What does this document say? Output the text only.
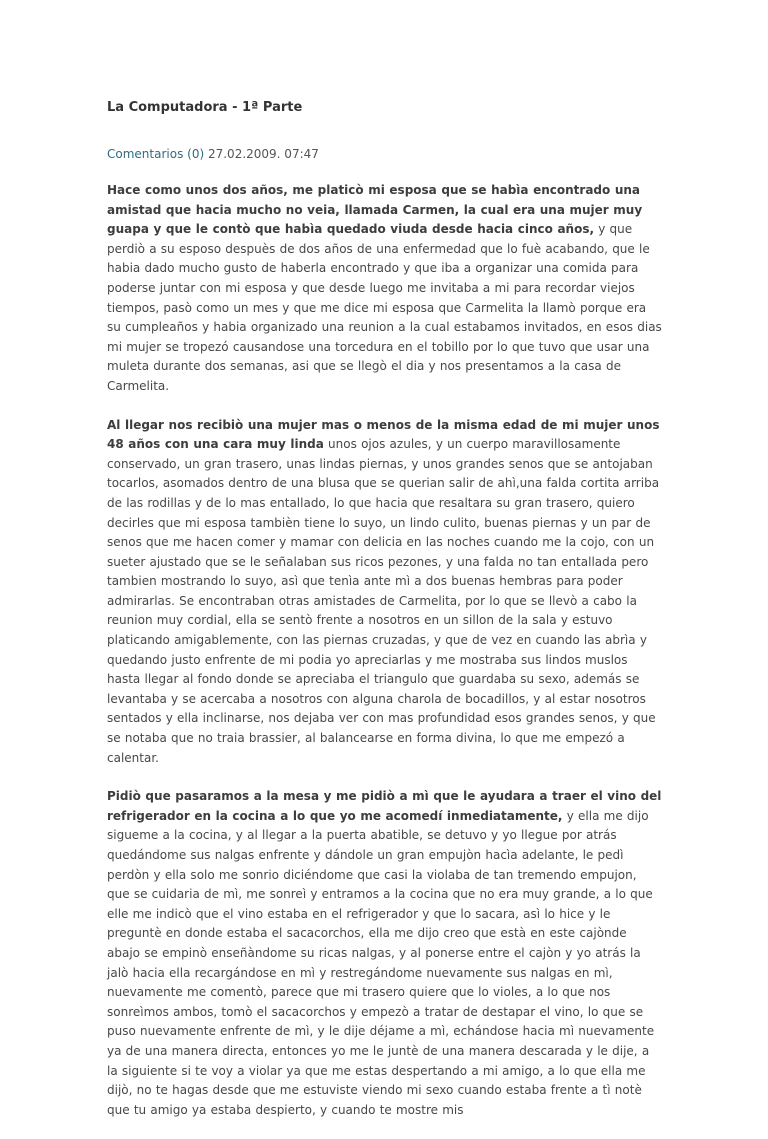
La Computadora - 1ª Parte
Comentarios (0) 27.02.2009. 07:47

Hace como unos dos años, me platicò mi esposa que se habìa encontrado una amistad que hacia mucho no veia, llamada Carmen, la cual era una mujer muy guapa y que le contò que habìa quedado viuda desde hacia cinco años, y que perdiò a su esposo despuès de dos años de una enfermedad que lo fuè acabando, que le habia dado mucho gusto de haberla encontrado y que iba a organizar una comida para poderse juntar con mi esposa y que desde luego me invitaba a mi para recordar viejos tiempos, pasò como un mes y que me dice mi esposa que Carmelita la llamò porque era su cumpleaños y habia organizado una reunion a la cual estabamos invitados, en esos dias mi mujer se tropezó causandose una torcedura en el tobillo por lo que tuvo que usar una muleta durante dos semanas, asi que se llegò el dia y nos presentamos a la casa de Carmelita.

Al llegar nos recibiò una mujer mas o menos de la misma edad de mi mujer unos 48 años con una cara muy linda unos ojos azules, y un cuerpo maravillosamente conservado, un gran trasero, unas lindas piernas, y unos grandes senos que se antojaban tocarlos, asomados dentro de una blusa que se querian salir de ahì,una falda cortita arriba de las rodillas y de lo mas entallado, lo que hacia que resaltara su gran trasero, quiero decirles que mi esposa tambièn tiene lo suyo, un lindo culito, buenas piernas y un par de senos que me hacen comer y mamar con delicia en las noches cuando me la cojo, con un sueter ajustado que se le señalaban sus ricos pezones, y una falda no tan entallada pero tambien mostrando lo suyo, asì que tenìa ante mì a dos buenas hembras para poder admirarlas. Se encontraban otras amistades de Carmelita, por lo que se llevò a cabo la reunion muy cordial, ella se sentò frente a nosotros en un sillon de la sala y estuvo platicando amigablemente, con las piernas cruzadas, y que de vez en cuando las abrìa y quedando justo enfrente de mi podia yo apreciarlas y me mostraba sus lindos muslos hasta llegar al fondo donde se apreciaba el triangulo que guardaba su sexo, además se levantaba y se acercaba a nosotros con alguna charola de bocadillos, y al estar nosotros sentados y ella inclinarse, nos dejaba ver con mas profundidad esos grandes senos, y que se notaba que no traia brassier, al balancearse en forma divina, lo que me empezó a calentar.

Pidiò que pasaramos a la mesa y me pidiò a mì que le ayudara a traer el vino del refrigerador en la cocina a lo que yo me acomedí inmediatamente, y ella me dijo sigueme a la cocina, y al llegar a la puerta abatible, se detuvo y yo llegue por atrás quedándome sus nalgas enfrente y dándole un gran empujòn hacìa adelante, le pedì perdòn y ella solo me sonrio diciéndome que casi la violaba de tan tremendo empujon, que se cuidaria de mì, me sonreì y entramos a la cocina que no era muy grande, a lo que elle me indicò que el vino estaba en el refrigerador y que lo sacara, asì lo hice y le preguntè en donde estaba el sacacorchos, ella me dijo creo que està en este cajònde abajo se empinò enseñàndome su ricas nalgas, y al ponerse entre el cajòn y yo atrás la jalò hacia ella recargándose en mì y restregándome nuevamente sus nalgas en mì, nuevamente me comentò, parece que mi trasero quiere que lo violes, a lo que nos sonreìmos ambos, tomò el sacacorchos y empezò a tratar de destapar el vino, lo que se puso nuevamente enfrente de mì, y le dije déjame a mì, echándose hacia mì nuevamente ya de una manera directa, entonces yo me le juntè de una manera descarada y le dije, a la siguiente si te voy a violar ya que me estas despertando a mi amigo, a lo que ella me dijò, no te hagas desde que me estuviste viendo mi sexo cuando estaba frente a tì notè que tu amigo ya estaba despierto, y cuando te mostre mis
